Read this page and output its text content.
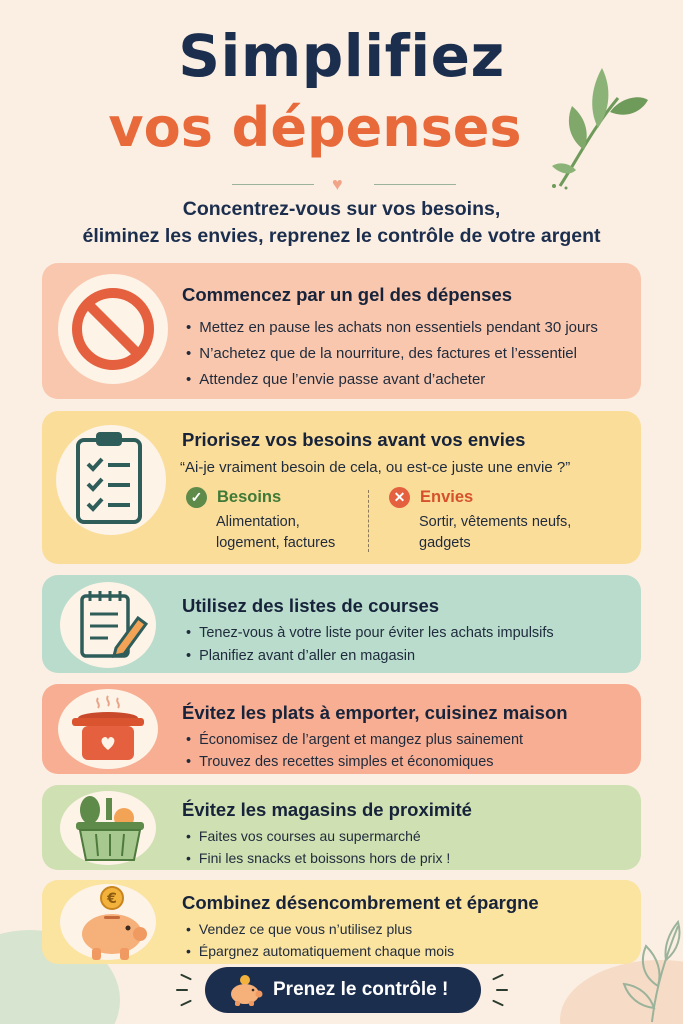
Simplifiez
vos dépenses
♥
Concentrez-vous sur vos besoins,
éliminez les envies, reprenez le contrôle de votre argent
Commencez par un gel des dépenses
• Mettez en pause les achats non essentiels pendant 30 jours
• N’achetez que de la nourriture, des factures et l’essentiel
• Attendez que l’envie passe avant d’acheter
Priorisez vos besoins avant vos envies
“Ai-je vraiment besoin de cela, ou est-ce juste une envie ?”
✓ Besoins
Alimentation,
logement, factures
✕ Envies
Sortir, vêtements neufs,
gadgets
Utilisez des listes de courses
• Tenez-vous à votre liste pour éviter les achats impulsifs
• Planifiez avant d’aller en magasin
Évitez les plats à emporter, cuisinez maison
• Économisez de l’argent et mangez plus sainement
• Trouvez des recettes simples et économiques
Évitez les magasins de proximité
• Faites vos courses au supermarché
• Fini les snacks et boissons hors de prix !
€	Combinez désencombrement et épargne
• Vendez ce que vous n’utilisez plus
• Épargnez automatiquement chaque mois
Prenez le contrôle !
